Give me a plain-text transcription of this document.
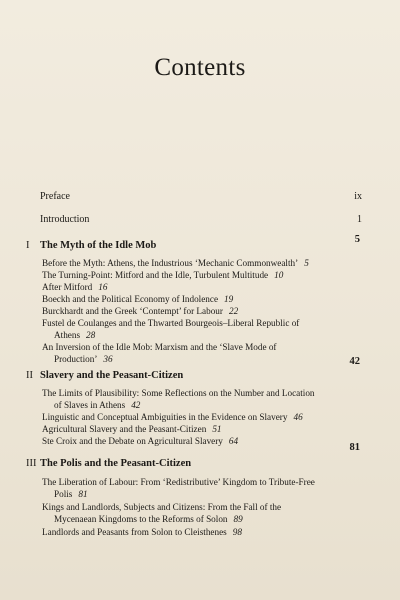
Contents
Preface	ix
Introduction	1
I The Myth of the Idle Mob
5
Before the Myth: Athens, the Industrious ‘Mechanic Commonwealth’ 5
The Turning-Point: Mitford and the Idle, Turbulent Multitude 10
After Mitford 16
Boeckh and the Political Economy of Indolence 19
Burckhardt and the Greek ‘Contempt’ for Labour 22
Fustel de Coulanges and the Thwarted Bourgeois–Liberal Republic of
Athens 28
An Inversion of the Idle Mob: Marxism and the ‘Slave Mode of
Production’ 36
II Slavery and the Peasant-Citizen
42
The Limits of Plausibility: Some Reflections on the Number and Location
of Slaves in Athens 42
Linguistic and Conceptual Ambiguities in the Evidence on Slavery 46
Agricultural Slavery and the Peasant-Citizen 51
Ste Croix and the Debate on Agricultural Slavery 64
III The Polis and the Peasant-Citizen
81
The Liberation of Labour: From ‘Redistributive’ Kingdom to Tribute-Free
Polis 81
Kings and Landlords, Subjects and Citizens: From the Fall of the
Mycenaean Kingdoms to the Reforms of Solon 89
Landlords and Peasants from Solon to Cleisthenes 98
